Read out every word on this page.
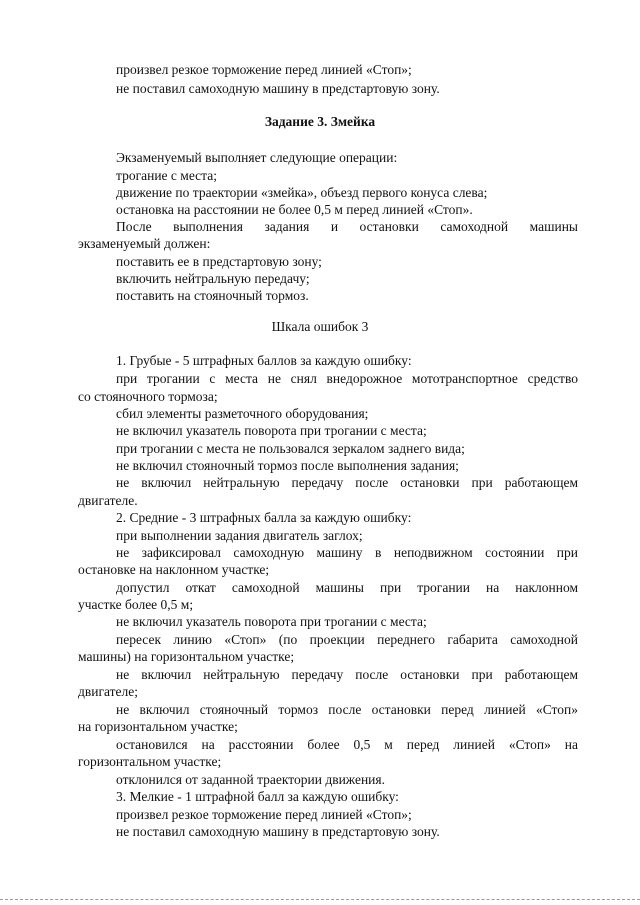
произвел резкое торможение перед линией «Стоп»;
не поставил самоходную машину в предстартовую зону.
Задание 3. Змейка
Экзаменуемый выполняет следующие операции:
трогание с места;
движение по траектории «змейка», объезд первого конуса слева;
остановка на расстоянии не более 0,5 м перед линией «Стоп».
После выполнения задания и остановки самоходной машины
экзаменуемый должен:
поставить ее в предстартовую зону;
включить нейтральную передачу;
поставить на стояночный тормоз.
Шкала ошибок 3
1. Грубые - 5 штрафных баллов за каждую ошибку:
при трогании с места не снял внедорожное мототранспортное средство
со стояночного тормоза;
сбил элементы разметочного оборудования;
не включил указатель поворота при трогании с места;
при трогании с места не пользовался зеркалом заднего вида;
не включил стояночный тормоз после выполнения задания;
не включил нейтральную передачу после остановки при работающем
двигателе.
2. Средние - 3 штрафных балла за каждую ошибку:
при выполнении задания двигатель заглох;
не зафиксировал самоходную машину в неподвижном состоянии при
остановке на наклонном участке;
допустил откат самоходной машины при трогании на наклонном
участке более 0,5 м;
не включил указатель поворота при трогании с места;
пересек линию «Стоп» (по проекции переднего габарита самоходной
машины) на горизонтальном участке;
не включил нейтральную передачу после остановки при работающем
двигателе;
не включил стояночный тормоз после остановки перед линией «Стоп»
на горизонтальном участке;
остановился на расстоянии более 0,5 м перед линией «Стоп» на
горизонтальном участке;
отклонился от заданной траектории движения.
3. Мелкие - 1 штрафной балл за каждую ошибку:
произвел резкое торможение перед линией «Стоп»;
не поставил самоходную машину в предстартовую зону.
